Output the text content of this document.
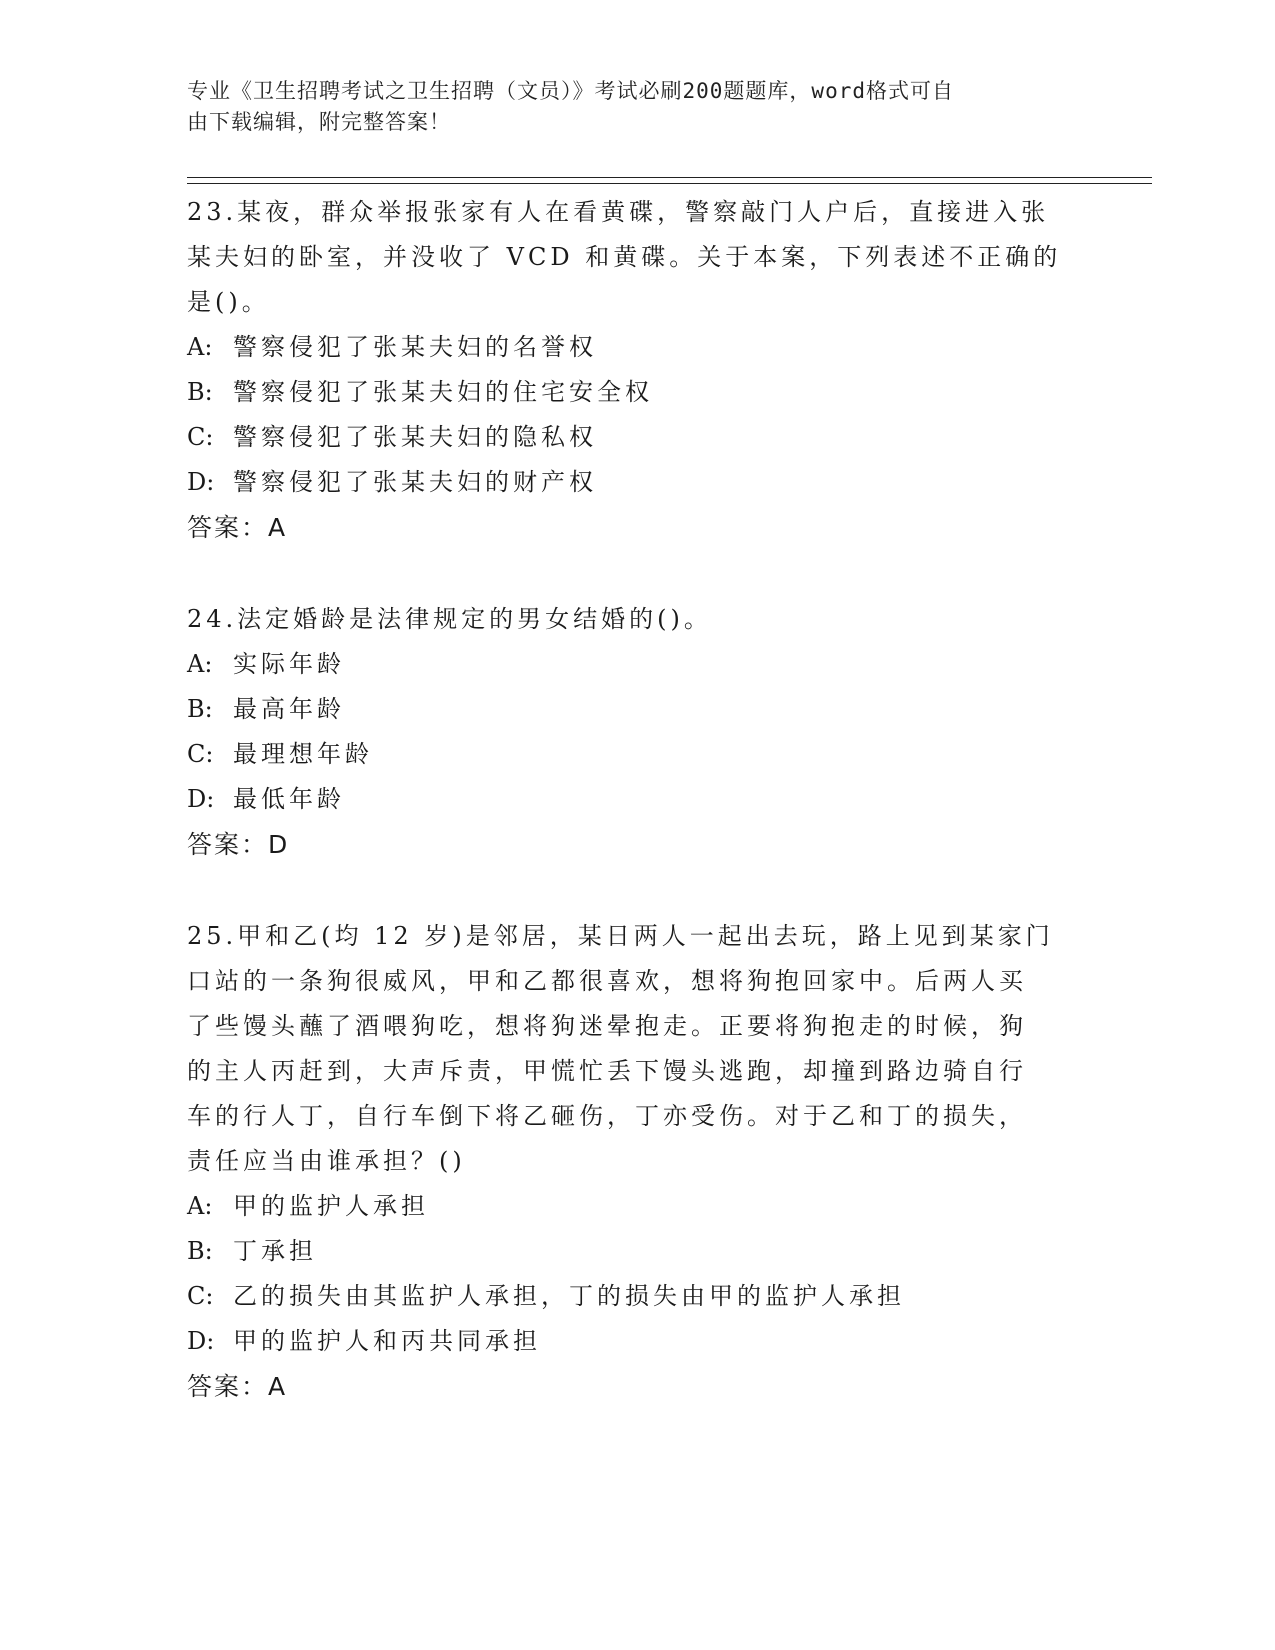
专业《卫生招聘考试之卫生招聘（文员）》考试必刷200题题库，word格式可自
由下载编辑，附完整答案！

23.某夜，群众举报张家有人在看黄碟，警察敲门人户后，直接进入张

某夫妇的卧室，并没收了 VCD 和黄碟。关于本案，下列表述不正确的

是()。

A: 警察侵犯了张某夫妇的名誉权
B: 警察侵犯了张某夫妇的住宅安全权
C: 警察侵犯了张某夫妇的隐私权
D: 警察侵犯了张某夫妇的财产权

答案：A

24.法定婚龄是法律规定的男女结婚的()。

A: 实际年龄
B: 最高年龄
C: 最理想年龄
D: 最低年龄

答案：D

25.甲和乙(均 12 岁)是邻居，某日两人一起出去玩，路上见到某家门

口站的一条狗很威风，甲和乙都很喜欢，想将狗抱回家中。后两人买

了些馒头蘸了酒喂狗吃，想将狗迷晕抱走。正要将狗抱走的时候，狗

的主人丙赶到，大声斥责，甲慌忙丢下馒头逃跑，却撞到路边骑自行

车的行人丁，自行车倒下将乙砸伤，丁亦受伤。对于乙和丁的损失，

责任应当由谁承担？()

A: 甲的监护人承担
B: 丁承担
C: 乙的损失由其监护人承担，丁的损失由甲的监护人承担
D: 甲的监护人和丙共同承担

答案：A
